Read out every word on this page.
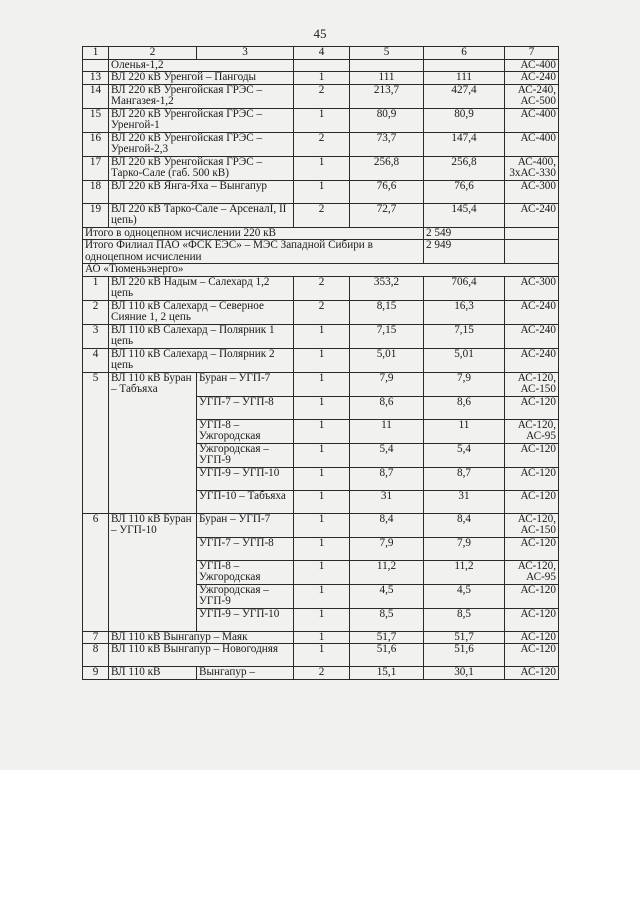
45
1	2	3	4	5	6	7
	Оленья-1,2					АС-400
13	ВЛ 220 кВ Уренгой – Пангоды		1	111	111	АС-240
14	ВЛ 220 кВ Уренгойская ГРЭС – Мангазея-1,2		2	213,7	427,4	АС-240, АС-500
15	ВЛ 220 кВ Уренгойская ГРЭС – Уренгой-1		1	80,9	80,9	АС-400
16	ВЛ 220 кВ Уренгойская ГРЭС – Уренгой-2,3		2	73,7	147,4	АС-400
17	ВЛ 220 кВ Уренгойская ГРЭС – Тарко-Сале (габ. 500 кВ)		1	256,8	256,8	АС-400, 3хАС-330
18	ВЛ 220 кВ Янга-Яха – Вынгапур		1	76,6	76,6	АС-300
19	ВЛ 220 кВ Тарко-Сале – АрсеналI, II цепь)		2	72,7	145,4	АС-240
Итого в одноцепном исчислении 220 кВ					2 549	
Итого Филиал ПАО «ФСК ЕЭС» – МЭС Западной Сибири в одноцепном исчислении					2 949	
АО «Тюменьэнерго»						
1	ВЛ 220 кВ Надым – Салехард 1,2 цепь		2	353,2	706,4	АС-300
2	ВЛ 110 кВ Салехард – Северное Сияние 1, 2 цепь		2	8,15	16,3	АС-240
3	ВЛ 110 кВ Салехард – Полярник 1 цепь		1	7,15	7,15	АС-240
4	ВЛ 110 кВ Салехард – Полярник 2 цепь		1	5,01	5,01	АС-240
5	ВЛ 110 кВ Буран – Табъяха	Буран – УГП-7	1	7,9	7,9	АС-120, АС-150
		УГП-7 – УГП-8	1	8,6	8,6	АС-120
		УГП-8 – Ужгородская	1	11	11	АС-120, АС-95
		Ужгородская – УГП-9	1	5,4	5,4	АС-120
		УГП-9 – УГП-10	1	8,7	8,7	АС-120
		УГП-10 – Табъяха	1	31	31	АС-120
6	ВЛ 110 кВ Буран – УГП-10	Буран – УГП-7	1	8,4	8,4	АС-120, АС-150
		УГП-7 – УГП-8	1	7,9	7,9	АС-120
		УГП-8 – Ужгородская	1	11,2	11,2	АС-120, АС-95
		Ужгородская – УГП-9	1	4,5	4,5	АС-120
		УГП-9 – УГП-10	1	8,5	8,5	АС-120
7	ВЛ 110 кВ Вынгапур – Маяк		1	51,7	51,7	АС-120
8	ВЛ 110 кВ Вынгапур – Новогодняя		1	51,6	51,6	АС-120
9	ВЛ 110 кВ	Вынгапур –	2	15,1	30,1	АС-120
